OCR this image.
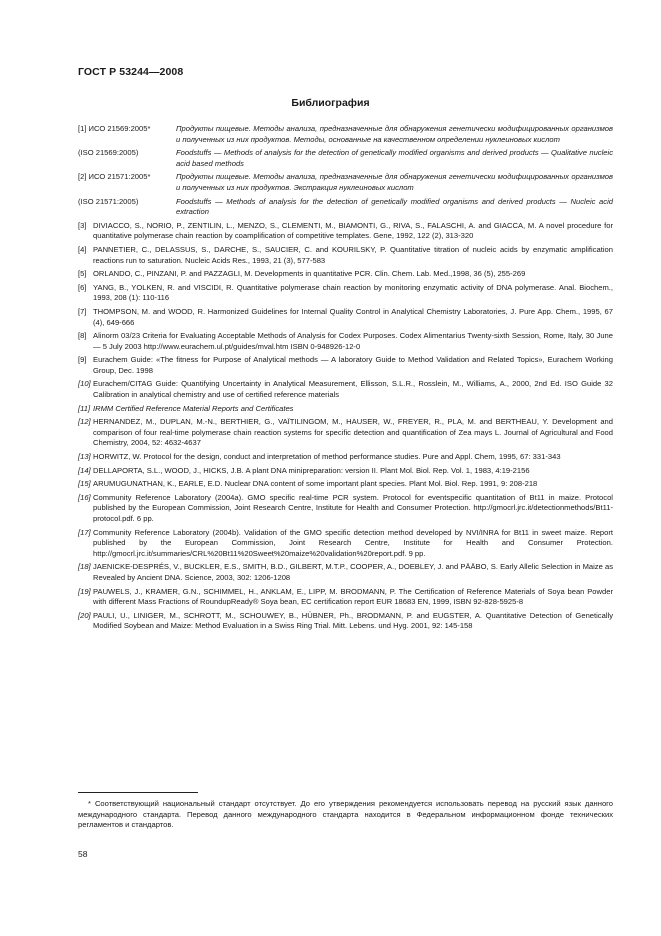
ГОСТ Р 53244—2008
Библиография
[1] ИСО 21569:2005*	Продукты пищевые. Методы анализа, предназначенные для обнаружения генетически модифицированных организмов и полученных из них продуктов. Методы, основанные на качественном определении нуклеиновых кислот
(ISO 21569:2005)	Foodstuffs — Methods of analysis for the detection of genetically modified organisms and derived products — Qualitative nucleic acid based methods
[2] ИСО 21571:2005*	Продукты пищевые. Методы анализа, предназначенные для обнаружения генетически модифицированных организмов и полученных из них продуктов. Экстракция нуклеиновых кислот
(ISO 21571:2005)	Foodstuffs — Methods of analysis for the detection of genetically modified organisms and derived products — Nucleic acid extraction
[3] DIVIACCO, S., NORIO, P., ZENTILIN, L., MENZO, S., CLEMENTI, M., BIAMONTI, G., RIVA, S., FALASCHI, A. and GIACCA, M. A novel procedure for quantitative polymerase chain reaction by coamplification of competitive templates. Gene, 1992, 122 (2), 313-320
[4] PANNETIER, C., DELASSUS, S., DARCHE, S., SAUCIER, C. and KOURILSKY, P. Quantitative titration of nucleic acids by enzymatic amplification reactions run to saturation. Nucleic Acids Res., 1993, 21 (3), 577-583
[5] ORLANDO, C., PINZANI, P. and PAZZAGLI, M. Developments in quantitative PCR. Clin. Chem. Lab. Med.,1998, 36 (5), 255-269
[6] YANG, B., YOLKEN, R. and VISCIDI, R. Quantitative polymerase chain reaction by monitoring enzymatic activity of DNA polymerase. Anal. Biochem., 1993, 208 (1): 110-116
[7] THOMPSON, M. and WOOD, R. Harmonized Guidelines for Internal Quality Control in Analytical Chemistry Laboratories, J. Pure App. Chem., 1995, 67 (4), 649-666
[8] Alinorm 03/23 Criteria for Evaluating Acceptable Methods of Analysis for Codex Purposes. Codex Alimentarius Twenty-sixth Session, Rome, Italy, 30 June — 5 July 2003 http://www.eurachem.ul.pt/guides/mval.htm ISBN 0-948926-12-0
[9] Eurachem Guide: «The fitness for Purpose of Analytical methods — A laboratory Guide to Method Validation and Related Topics», Eurachem Working Group, Dec. 1998
[10] Eurachem/CITAG Guide: Quantifying Uncertainty in Analytical Measurement, Ellisson, S.L.R., Rosslein, M., Williams, A., 2000, 2nd Ed. ISO Guide 32 Calibration in analytical chemistry and use of certified reference materials
[11] IRMM Certified Reference Material Reports and Certificates
[12] HERNANDEZ, M., DUPLAN, M.-N., BERTHIER, G., VAÏTILINGOM, M., HAUSER, W., FREYER, R., PLA, M. and BERTHEAU, Y. Development and comparison of four real-time polymerase chain reaction systems for specific detection and quantification of Zea mays L. Journal of Agricultural and Food Chemistry, 2004, 52: 4632-4637
[13] HORWITZ, W. Protocol for the design, conduct and interpretation of method performance studies. Pure and Appl. Chem, 1995, 67: 331-343
[14] DELLAPORTA, S.L., WOOD, J., HICKS, J.B. A plant DNA minipreparation: version II. Plant Mol. Biol. Rep. Vol. 1, 1983, 4:19-2156
[15] ARUMUGUNATHAN, K., EARLE, E.D. Nuclear DNA content of some important plant species. Plant Mol. Biol. Rep. 1991, 9: 208-218
[16] Community Reference Laboratory (2004a). GMO specific real-time PCR system. Protocol for eventspecific quantitation of Bt11 in maize. Protocol published by the European Commission, Joint Research Centre, Institute for Health and Consumer Protection. http://gmocrl.jrc.it/detectionmethods/Bt11-protocol.pdf. 6 pp.
[17] Community Reference Laboratory (2004b). Validation of the GMO specific detection method developed by NVI/INRA for Bt11 in sweet maize. Report published by the European Commission, Joint Research Centre, Institute for Health and Consumer Protection. http://gmocrl.jrc.it/summaries/CRL%20Bt11%20Sweet%20maize%20validation%20report.pdf. 9 pp.
[18] JAENICKE-DESPRÉS, V., BUCKLER, E.S., SMITH, B.D., GILBERT, M.T.P., COOPER, A., DOEBLEY, J. and PÄÄBO, S. Early Allelic Selection in Maize as Revealed by Ancient DNA. Science, 2003, 302: 1206-1208
[19] PAUWELS, J., KRAMER, G.N., SCHIMMEL, H., ANKLAM, E., LIPP, M. BRODMANN, P. The Certification of Reference Materials of Soya bean Powder with different Mass Fractions of RoundupReady® Soya bean, EC certification report EUR 18683 EN, 1999, ISBN 92-828-5925-8
[20] PAULI, U., LINIGER, M., SCHROTT, M., SCHOUWEY, B., HÜBNER, Ph., BRODMANN, P. and EUGSTER, A. Quantitative Detection of Genetically Modified Soybean and Maize: Method Evaluation in a Swiss Ring Trial. Mitt. Lebens. und Hyg. 2001, 92: 145-158
* Соответствующий национальный стандарт отсутствует. До его утверждения рекомендуется использовать перевод на русский язык данного международного стандарта. Перевод данного международного стандарта находится в Федеральном информационном фонде технических регламентов и стандартов.
58
